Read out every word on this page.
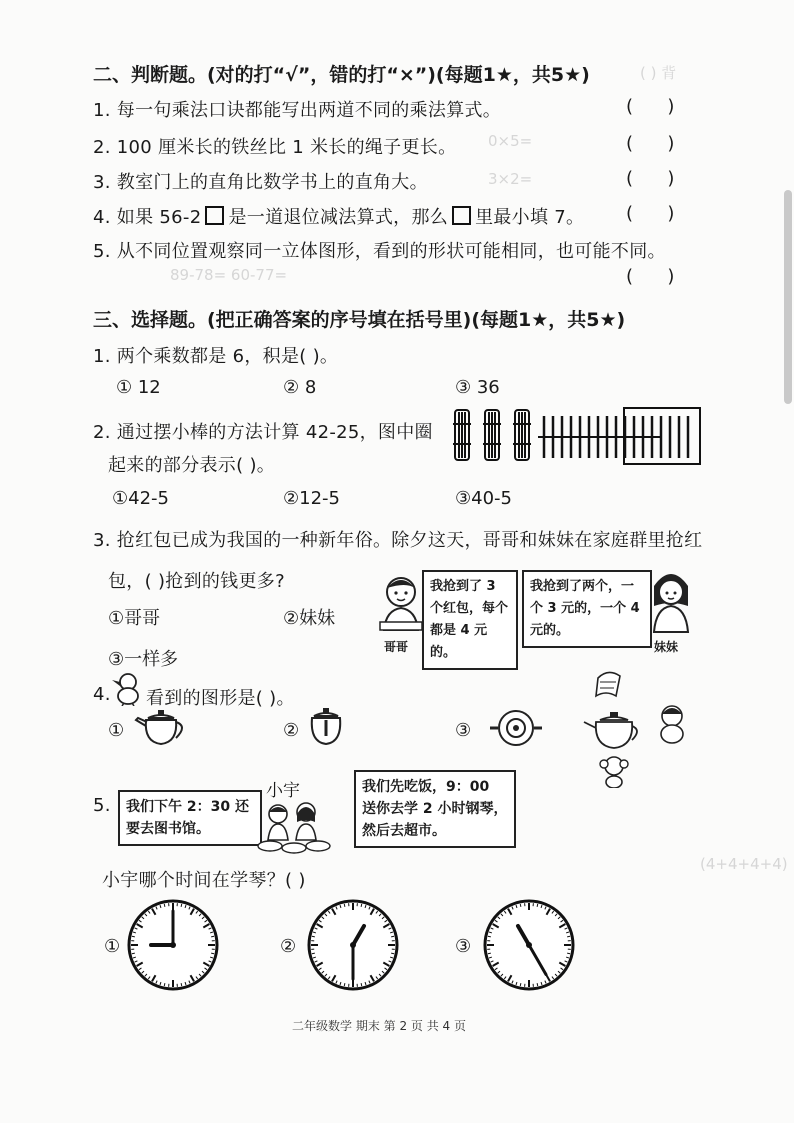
( ) 背
0×5=
3×2=
89-78= 60-77=
(4+4+4+4)
二、判断题。(对的打“√”，错的打“×”)(每题1★，共5★)
1. 每一句乘法口诀都能写出两道不同的乘法算式。	(      )
2. 100 厘米长的铁丝比 1 米长的绳子更长。	(      )
3. 教室门上的直角比数学书上的直角大。	(      )
4. 如果 56-2 是一道退位减法算式，那么 里最小填 7。 (      )
5. 从不同位置观察同一立体图形，看到的形状可能相同，也可能不同。
(      )
三、选择题。(把正确答案的序号填在括号里)(每题1★，共5★)
1. 两个乘数都是 6，积是( )。
① 12	② 8	③ 36
2. 通过摆小棒的方法计算 42-25，图中圈
起来的部分表示( )。
①42-5	②12-5	③40-5
3. 抢红包已成为我国的一种新年俗。除夕这天，哥哥和妹妹在家庭群里抢红
包，( )抢到的钱更多?
①哥哥	②妹妹
③一样多
哥哥
我抢到了 3 个红包，每个都是 4 元的。
我抢到了两个，一个 3 元的，一个 4 元的。
妹妹
4. 看到的图形是( )。
①	②	③
5.	我们下午 2：30 还要去图书馆。
小宇	我们先吃饭，9：00 送你去学 2 小时钢琴，然后去超市。
小宇哪个时间在学琴？( )
①	②	③
二年级数学 期末 第 2 页 共 4 页
